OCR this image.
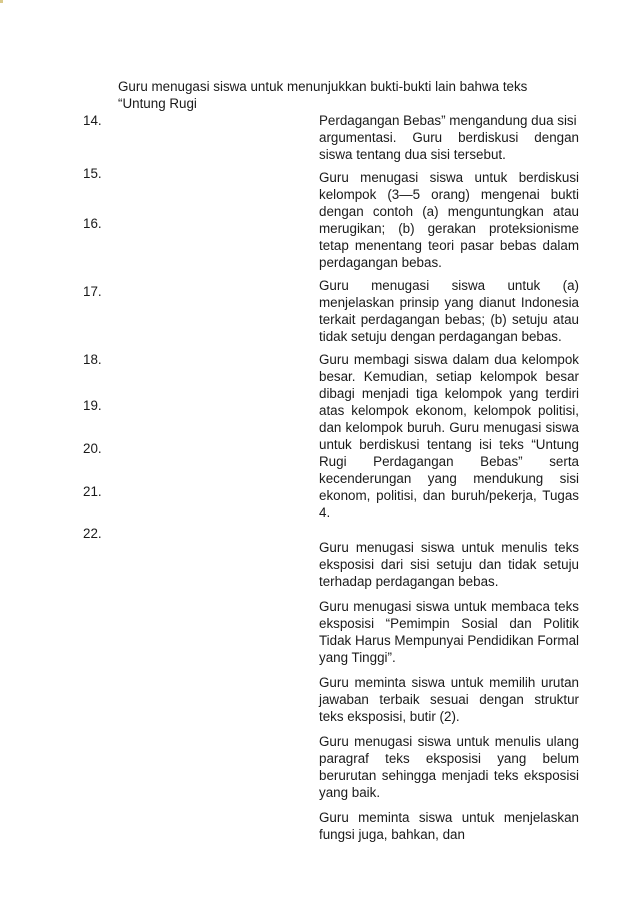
Guru menugasi siswa untuk menunjukkan bukti-bukti lain bahwa teks
“Untung Rugi
14.
15.
16.
17.
18.
19.
20.
21.
22.
Perdagangan Bebas” mengandung dua sisi
argumentasi. Guru berdiskusi dengan siswa tentang dua sisi tersebut.

Guru menugasi siswa untuk berdiskusi kelompok (3—5 orang) mengenai bukti dengan contoh (a) menguntungkan atau merugikan; (b) gerakan proteksionisme tetap menentang teori pasar bebas dalam perdagangan bebas.

Guru menugasi siswa untuk (a) menjelaskan prinsip yang dianut Indonesia terkait perdagangan bebas; (b) setuju atau tidak setuju dengan perdagangan bebas.

Guru membagi siswa dalam dua kelompok besar. Kemudian, setiap kelompok besar dibagi menjadi tiga kelompok yang terdiri atas kelompok ekonom, kelompok politisi, dan kelompok buruh. Guru menugasi siswa untuk berdiskusi tentang isi teks “Untung Rugi Perdagangan Bebas” serta kecenderungan yang mendukung sisi ekonom, politisi, dan buruh/pekerja, Tugas 4.

Guru menugasi siswa untuk menulis teks eksposisi dari sisi setuju dan tidak setuju terhadap perdagangan bebas.

Guru menugasi siswa untuk membaca teks eksposisi “Pemimpin Sosial dan Politik Tidak Harus Mempunyai Pendidikan Formal yang Tinggi”.

Guru meminta siswa untuk memilih urutan jawaban terbaik sesuai dengan struktur teks eksposisi, butir (2).

Guru menugasi siswa untuk menulis ulang paragraf teks eksposisi yang belum berurutan sehingga menjadi teks eksposisi yang baik.

Guru meminta siswa untuk menjelaskan fungsi juga, bahkan, dan
